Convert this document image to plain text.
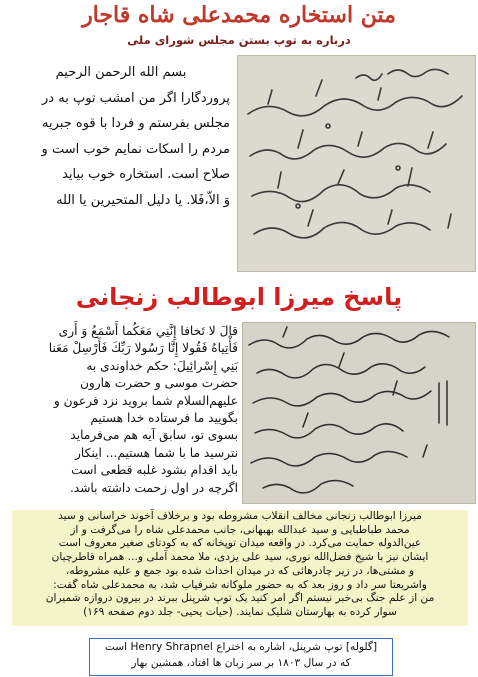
متن استخاره محمدعلی شاه قاجار
درباره به توپ بستن مجلس شورای ملی
بسم الله الرحمن الرحیم
پروردگارا اگر من امشب توپ به در
مجلس بفرستم و فردا با قوه جبریه
مردم را اسکات نمایم خوب است و
صلاح است. استخاره خوب بیاید
وَ الاّ،فَلا. یا دلیل المتحیرین یا الله
پاسخ میرزا ابوطالب زنجانی
قالَ لا تَخافا إِنَّنِي مَعَكُما أَسْمَعُ وَ أَرى
فَأْتِياهُ فَقُولا إِنَّا رَسُولا رَبِّكَ فَأَرْسِلْ مَعَنا
بَنِي إِسْرائِيلَ: حکم خداوندی به
حضرت موسی و حضرت هارون
علیهم‌السلام شما بروید نزد فرعون و
بگویید ما فرستاده خدا هستیم
بسوی تو، سابق آیه هم می‌فرماید
نترسید ما با شما هستیم... اینکار
باید اقدام بشود غلبه قطعی است
اگرچه در اول زحمت داشته باشد.
میرزا ابوطالب زنجانی مخالف انقلاب مشروطه بود و برخلاف آخوند خراسانی و سید
محمد طباطبایی و سید عبدالله بهبهانی، جانب محمدعلی شاه را می‌گرفت و از
عین‌الدوله حمایت می‌کرد. در واقعه میدان توپخانه که به کودتای صغیر معروف است
ایشان نیز با شیخ فضل‌الله نوری، سید علی یزدی، ملا محمد آملی و... همراه قاطرچیان
و مشتی‌ها، در زیر چادرهائی که در میدان احداث شده بود جمع و علیه مشروطه،
واشریعتا سر داد و روز بعد که به حضور ملوکانه شرفیاب شد، به محمدعلی شاه گفت:
من از علم جنگ بی‌خبر نیستم اگر امر کنید یک توپ شرپنل ببرند در بیرون دروازه شمیران
سوار کرده به بهارستان شلیک نمایند. (حیات یحیی- جلد دوم صفحه ۱۶۹)
[گلوله] توپ شرپنل، اشاره به اختراع Henry Shrapnel است
که در سال ۱۸۰۳ بر سر زبان ها افتاد، همشین بهار
